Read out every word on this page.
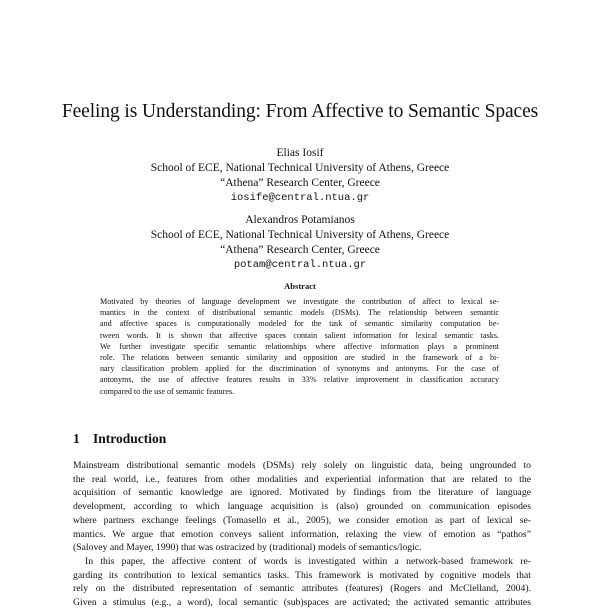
Feeling is Understanding: From Affective to Semantic Spaces
Elias Iosif
School of ECE, National Technical University of Athens, Greece
“Athena” Research Center, Greece
iosife@central.ntua.gr
Alexandros Potamianos
School of ECE, National Technical University of Athens, Greece
“Athena” Research Center, Greece
potam@central.ntua.gr
Abstract
Motivated by theories of language development we investigate the contribution of affect to lexical se-
mantics in the context of distributional semantic models (DSMs). The relationship between semantic
and affective spaces is computationally modeled for the task of semantic similarity computation be-
tween words. It is shown that affective spaces contain salient information for lexical semantic tasks.
We further investigate specific semantic relationships where affective information plays a prominent
role. The relations between semantic similarity and opposition are studied in the framework of a bi-
nary classification problem applied for the discrimination of synonyms and antonyms. For the case of
antonyms, the use of affective features results in 33% relative improvement in classification accuracy
compared to the use of semantic features.
1 Introduction
Mainstream distributional semantic models (DSMs) rely solely on linguistic data, being ungrounded to
the real world, i.e., features from other modalities and experiential information that are related to the
acquisition of semantic knowledge are ignored. Motivated by findings from the literature of language
development, according to which language acquisition is (also) grounded on communication episodes
where partners exchange feelings (Tomasello et al., 2005), we consider emotion as part of lexical se-
mantics. We argue that emotion conveys salient information, relaxing the view of emotion as “pathos”
(Salovey and Mayer, 1990) that was ostracized by (traditional) models of semantics/logic.
In this paper, the affective content of words is investigated within a network-based framework re-
garding its contribution to lexical semantics tasks. This framework is motivated by cognitive models that
rely on the distributed representation of semantic attributes (features) (Rogers and McClelland, 2004).
Given a stimulus (e.g., a word), local semantic (sub)spaces are activated; the activated semantic attributes
